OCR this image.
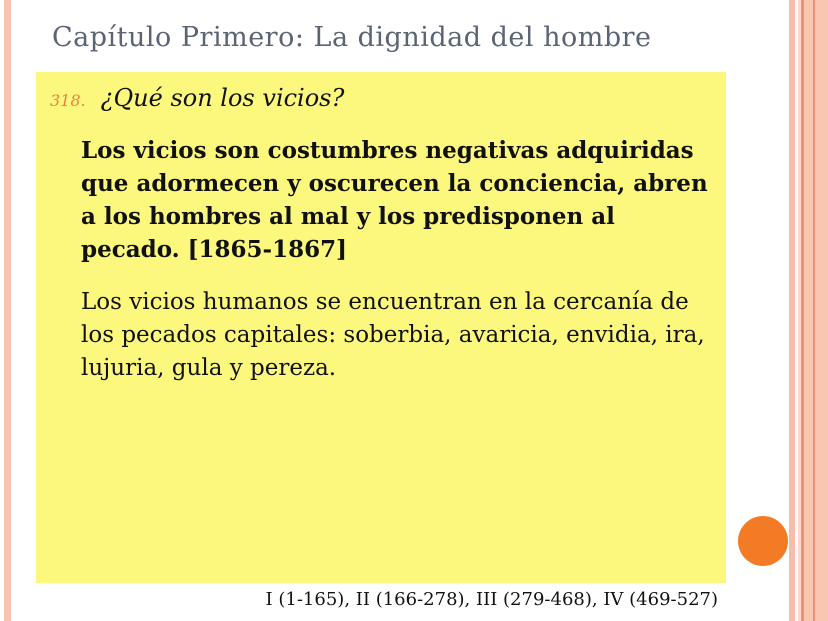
Capítulo Primero: La dignidad del hombre
318. ¿Qué son los vicios?

Los vicios son costumbres negativas adquiridas que adormecen y oscurecen la conciencia, abren a los hombres al mal y los predisponen al pecado. [1865-1867]

Los vicios humanos se encuentran en la cercanía de los pecados capitales: soberbia, avaricia, envidia, ira, lujuria, gula y pereza.

I (1-165), II (166-278), III (279-468), IV (469-527)
